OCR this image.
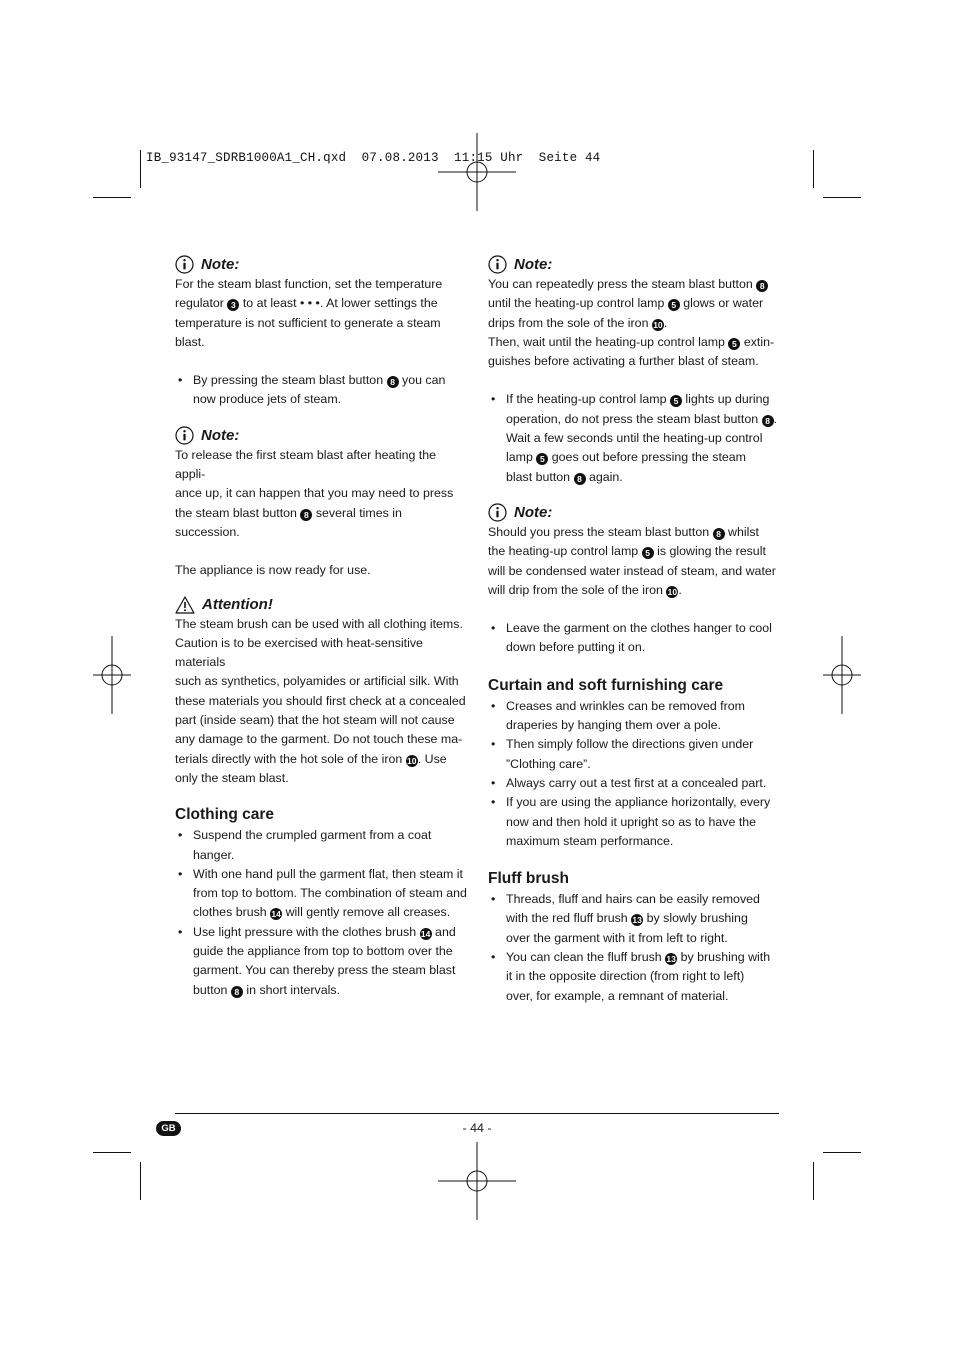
IB_93147_SDRB1000A1_CH.qxd  07.08.2013  11:15 Uhr  Seite 44
Note:

For the steam blast function, set the temperature
regulator 3 to at least • • •. At lower settings the
temperature is not sufficient to generate a steam blast.

• By pressing the steam blast button 8 you can
now produce jets of steam.
Note:

To release the first steam blast after heating the appli-
ance up, it can happen that you may need to press
the steam blast button 8 several times in succession.

The appliance is now ready for use.

Attention!

The steam brush can be used with all clothing items.
Caution is to be exercised with heat-sensitive materials
such as synthetics, polyamides or artificial silk. With
these materials you should first check at a concealed
part (inside seam) that the hot steam will not cause
any damage to the garment. Do not touch these ma-
terials directly with the hot sole of the iron 10. Use
only the steam blast.

Clothing care
• Suspend the crumpled garment from a coat hanger.
• With one hand pull the garment flat, then steam it
from top to bottom. The combination of steam and
clothes brush 14 will gently remove all creases.
• Use light pressure with the clothes brush 14 and
guide the appliance from top to bottom over the
garment. You can thereby press the steam blast
button 8 in short intervals.
Note:

You can repeatedly press the steam blast button 8
until the heating-up control lamp 5 glows or water
drips from the sole of the iron 10.
Then, wait until the heating-up control lamp 5 extin-
guishes before activating a further blast of steam.

• If the heating-up control lamp 5 lights up during
operation, do not press the steam blast button 8 .
Wait a few seconds until the heating-up control
lamp 5 goes out before pressing the steam
blast button 8 again.
Note:

Should you press the steam blast button 8 whilst
the heating-up control lamp 5 is glowing the result
will be condensed water instead of steam, and water
will drip from the sole of the iron 10.

• Leave the garment on the clothes hanger to cool
down before putting it on.
Curtain and soft furnishing care
• Creases and wrinkles can be removed from
draperies by hanging them over a pole.
• Then simply follow the directions given under
”Clothing care”.
• Always carry out a test first at a concealed part.
• If you are using the appliance horizontally, every
now and then hold it upright so as to have the
maximum steam performance.
Fluff brush
• Threads, fluff and hairs can be easily removed
with the red fluff brush 13 by slowly brushing
over the garment with it from left to right.
• You can clean the fluff brush 13 by brushing with
it in the opposite direction (from right to left)
over, for example, a remnant of material.
GB	- 44 -
